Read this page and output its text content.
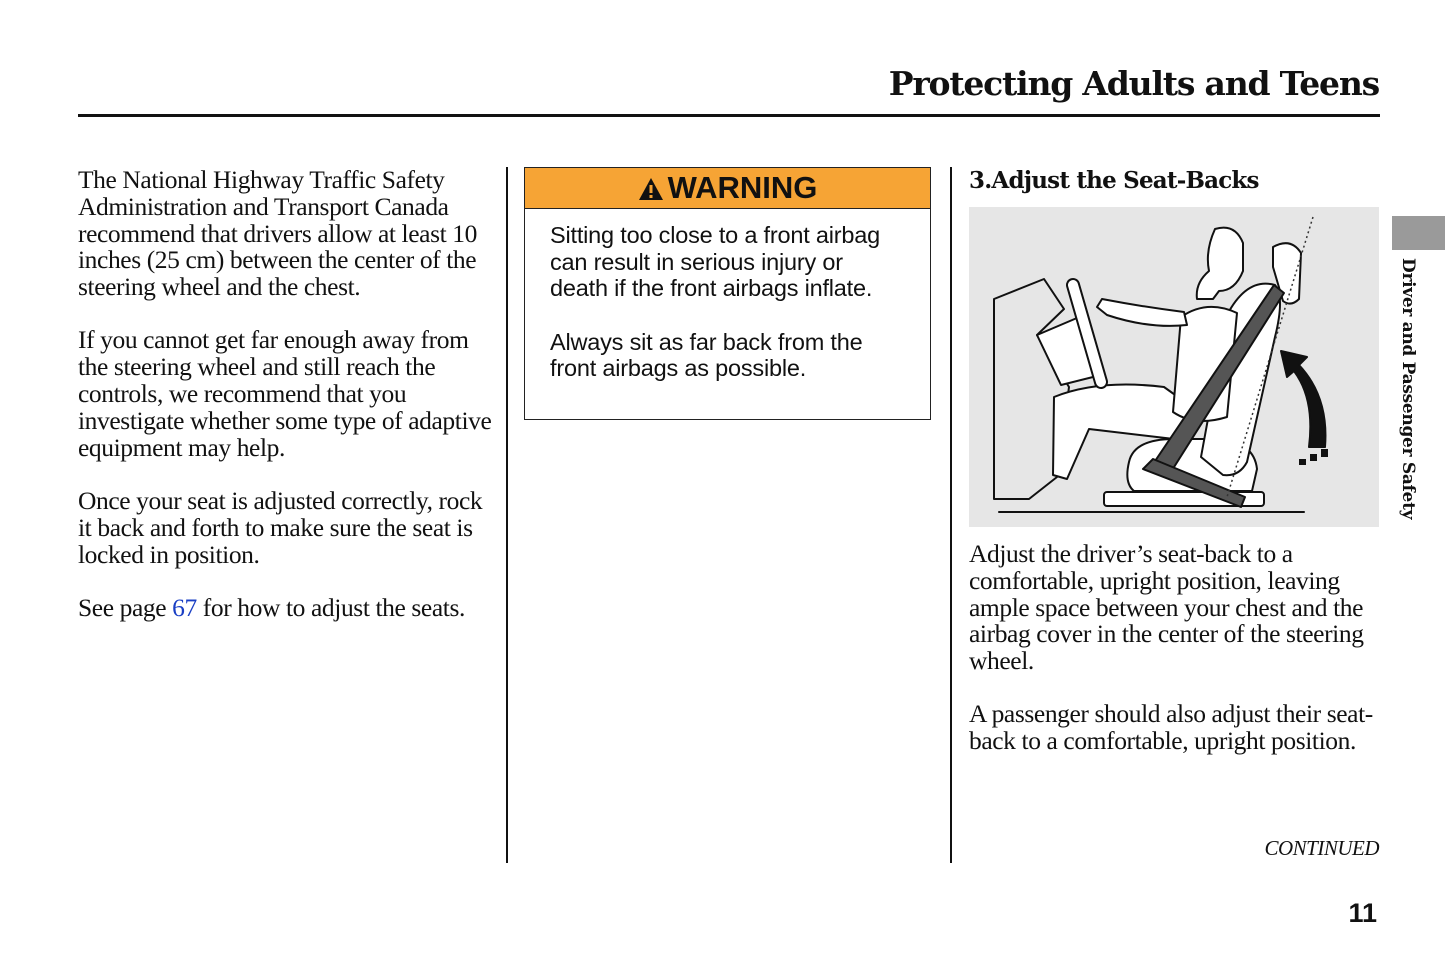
Protecting Adults and Teens

The National Highway Traffic Safety Administration and Transport Canada recommend that drivers allow at least 10 inches (25 cm) between the center of the steering wheel and the chest.

If you cannot get far enough away from the steering wheel and still reach the controls, we recommend that you investigate whether some type of adaptive equipment may help.

Once your seat is adjusted correctly, rock it back and forth to make sure the seat is locked in position.

See page 67 for how to adjust the seats.

WARNING

Sitting too close to a front airbag can result in serious injury or death if the front airbags inflate.

Always sit as far back from the front airbags as possible.

3.Adjust the Seat-Backs

Adjust the driver’s seat-back to a comfortable, upright position, leaving ample space between your chest and the airbag cover in the center of the steering wheel.

A passenger should also adjust their seat-back to a comfortable, upright position.

Driver and Passenger Safety
CONTINUED
11
